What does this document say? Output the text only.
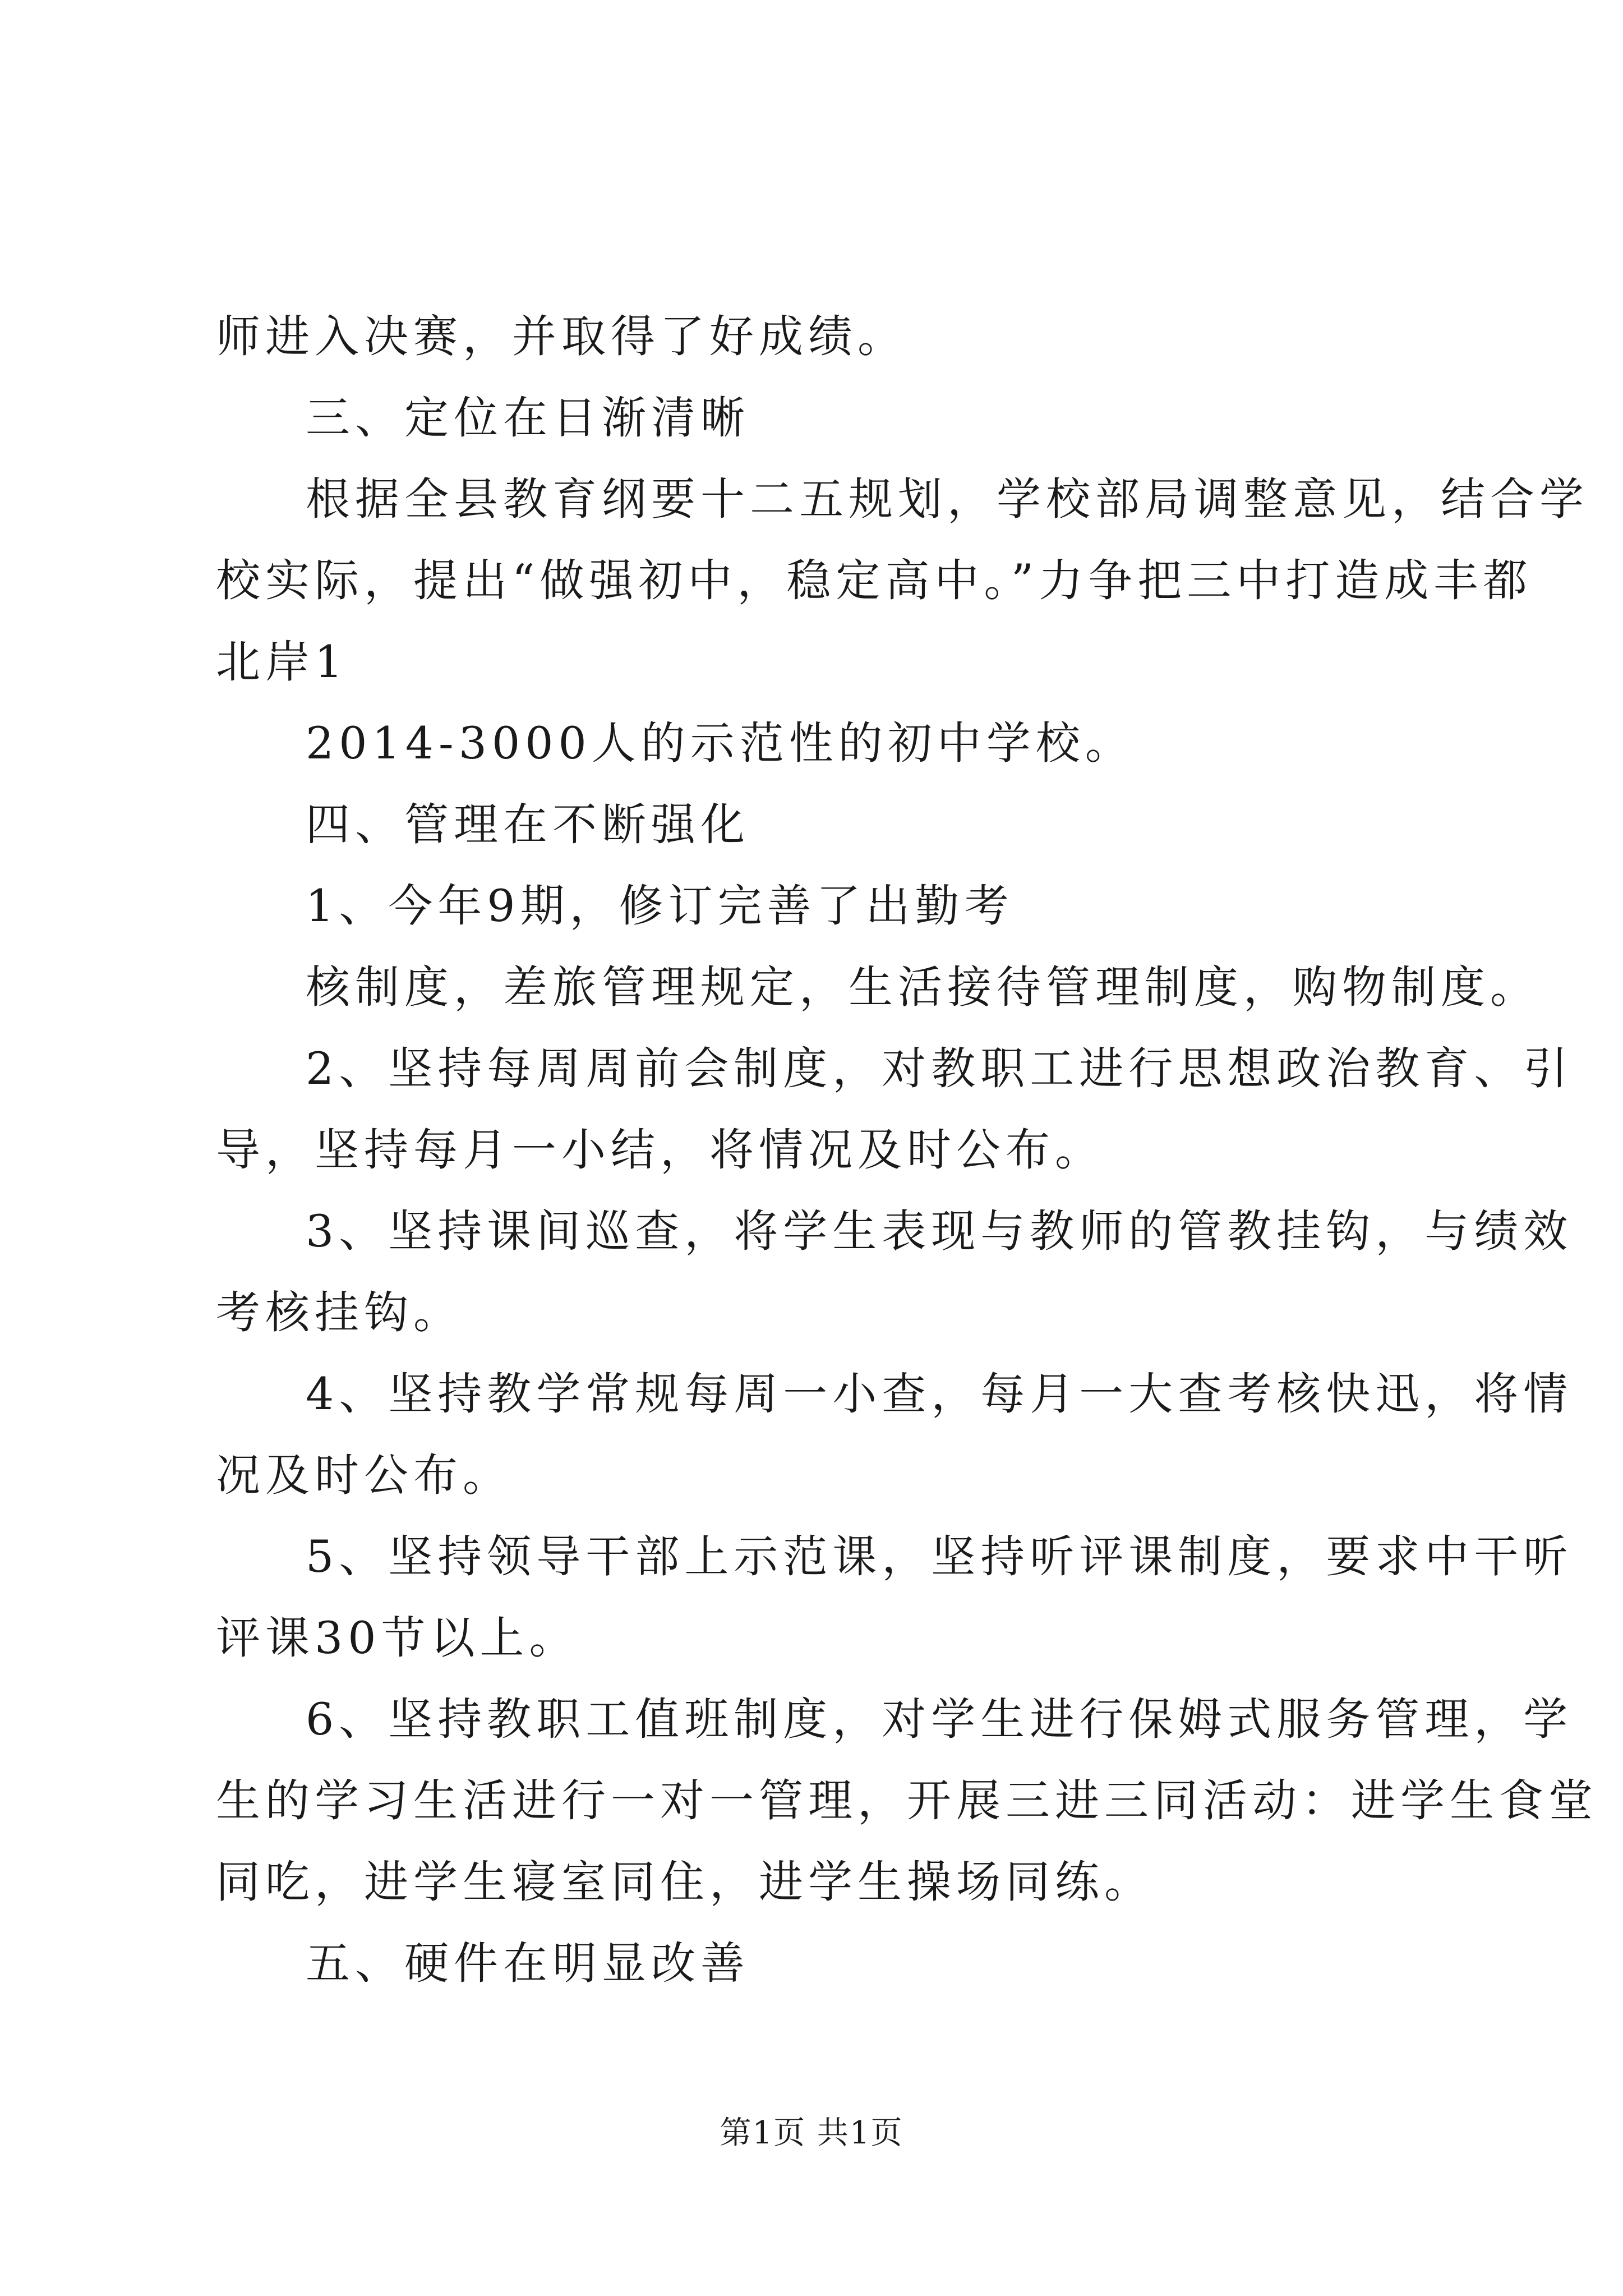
师进入决赛，并取得了好成绩。
三、定位在日渐清晰
根据全县教育纲要十二五规划，学校部局调整意见，结合学
校实际，提出“做强初中，稳定高中。”力争把三中打造成丰都
北岸1
2014-3000人的示范性的初中学校。
四、管理在不断强化
1、今年9期，修订完善了出勤考
核制度，差旅管理规定，生活接待管理制度，购物制度。
2、坚持每周周前会制度，对教职工进行思想政治教育、引
导，坚持每月一小结，将情况及时公布。
3、坚持课间巡查，将学生表现与教师的管教挂钩，与绩效
考核挂钩。
4、坚持教学常规每周一小查，每月一大查考核快迅，将情
况及时公布。
5、坚持领导干部上示范课，坚持听评课制度，要求中干听
评课30节以上。
6、坚持教职工值班制度，对学生进行保姆式服务管理，学
生的学习生活进行一对一管理，开展三进三同活动：进学生食堂
同吃，进学生寝室同住，进学生操场同练。
五、硬件在明显改善
第1页 共1页
